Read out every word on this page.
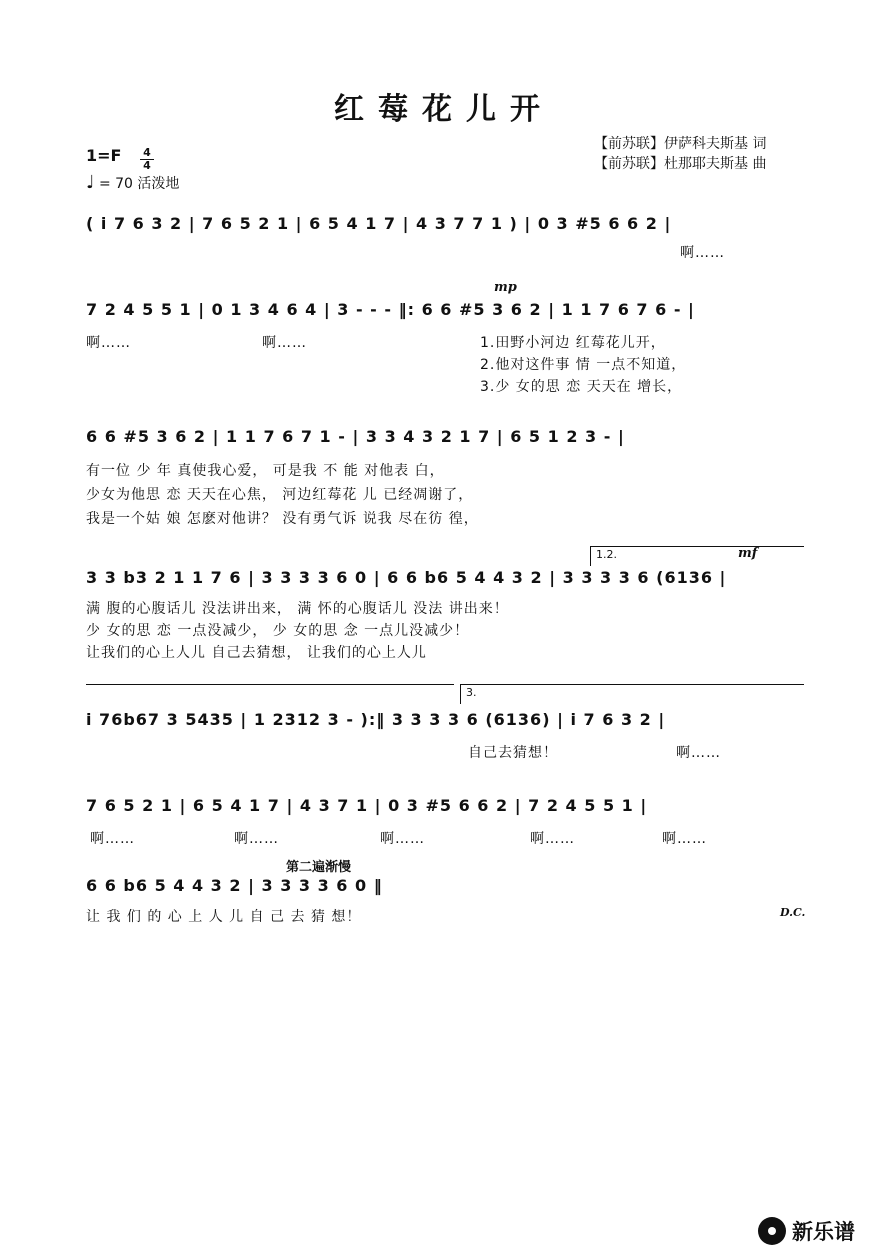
红莓花儿开
【前苏联】伊萨科夫斯基 词
【前苏联】杜那耶夫斯基 曲
1=F 4
4
♩ = 70 活泼地
( i 7 6 3 2 | 7 6 5 2 1 | 6 5 4 1 7 | 4 3 7 7 1 ) | 0 3 #5 6 6 2 |
啊……
mp
7 2 4 5 5 1 | 0 1 3 4 6 4 | 3 - - - ‖: 6 6 #5 3 6 2 | 1 1 7 6 7 6 - |
啊……	啊……	1.田野小河边 红莓花儿开，
2.他对这件事 情 一点不知道，
3.少 女的思 恋 天天在 增长，
6 6 #5 3 6 2 | 1 1 7 6 7 1 - | 3 3 4 3 2 1 7 | 6 5 1 2 3 - |
有一位 少 年 真使我心爱， 可是我 不 能 对他表 白，
少女为他思 恋 天天在心焦， 河边红莓花 儿 已经凋谢了，
我是一个姑 娘 怎麽对他讲？ 没有勇气诉 说我 尽在彷 徨，
1.2.	mf
3 3 b3 2 1 1 7 6 | 3 3 3 3 6 0 | 6 6 b6 5 4 4 3 2 | 3 3 3 3 6 (6136 |
满 腹的心腹话儿 没法讲出来， 满 怀的心腹话儿 没法 讲出来！
少 女的思 恋 一点没减少， 少 女的思 念 一点儿没减少！
让我们的心上人儿 自己去猜想， 让我们的心上人儿
3.
i 76b67 3 5435 | 1 2312 3 - ):‖ 3 3 3 3 6 (6136) | i 7 6 3 2 |
自己去猜想！	啊……
7 6 5 2 1 | 6 5 4 1 7 | 4 3 7 1 | 0 3 #5 6 6 2 | 7 2 4 5 5 1 |
啊……	啊……	啊……	啊……	啊……
第二遍渐慢
6 6 b6 5 4 4 3 2 | 3 3 3 3 6 0 ‖
让 我 们 的 心 上 人 儿 自 己 去 猜 想！	D.C.
新乐谱
